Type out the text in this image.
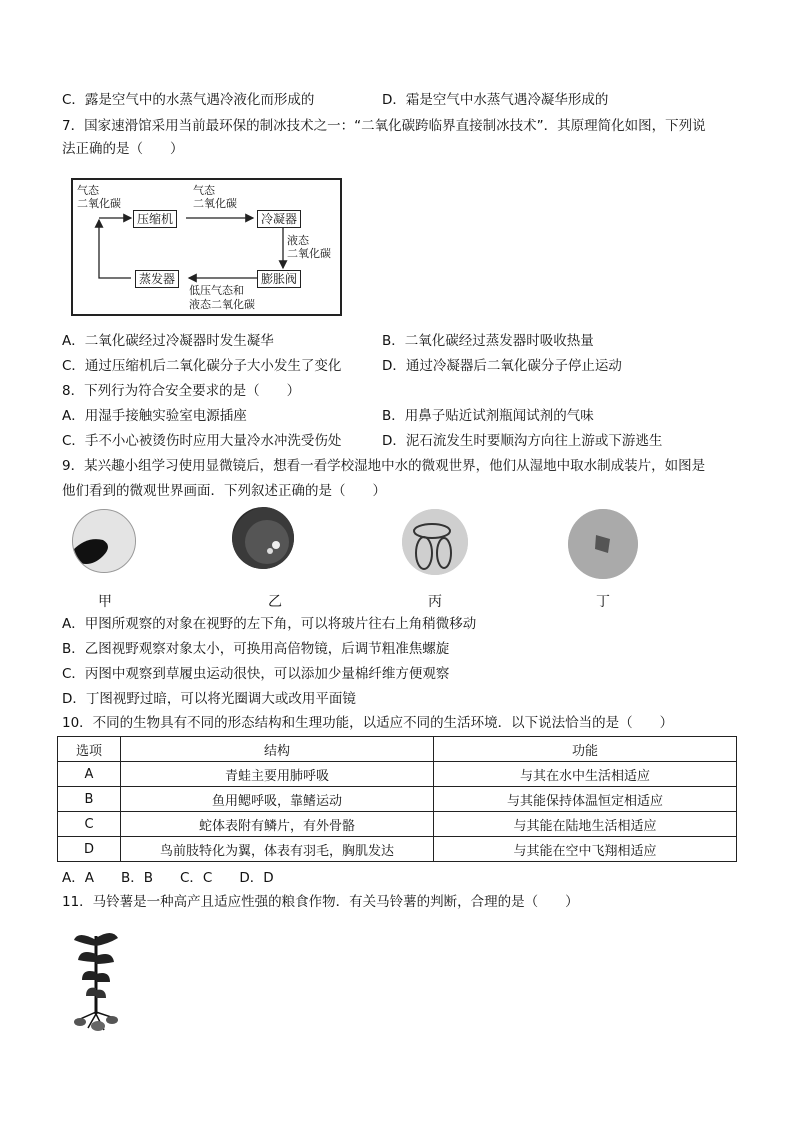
C．露是空气中的水蒸气遇冷液化而形成的	D．霜是空气中水蒸气遇冷凝华形成的
7．国家速滑馆采用当前最环保的制冰技术之一：“二氧化碳跨临界直接制冰技术”．其原理简化如图，下列说
法正确的是（　　）
气态
二氧化碳
气态
二氧化碳
压缩机	冷凝器
液态
二氧化碳
膨胀阀
蒸发器
低压气态和
液态二氧化碳
A．二氧化碳经过冷凝器时发生凝华	B．二氧化碳经过蒸发器时吸收热量
C．通过压缩机后二氧化碳分子大小发生了变化	D．通过冷凝器后二氧化碳分子停止运动
8．下列行为符合安全要求的是（　　）
A．用湿手接触实验室电源插座	B．用鼻子贴近试剂瓶闻试剂的气味
C．手不小心被烫伤时应用大量冷水冲洗受伤处	D．泥石流发生时要顺沟方向往上游或下游逃生
9．某兴趣小组学习使用显微镜后，想看一看学校湿地中水的微观世界，他们从湿地中取水制成装片，如图是
他们看到的微观世界画面．下列叙述正确的是（　　）
甲	乙	丙	丁
A．甲图所观察的对象在视野的左下角，可以将玻片往右上角稍微移动
B．乙图视野观察对象太小，可换用高倍物镜，后调节粗准焦螺旋
C．丙图中观察到草履虫运动很快，可以添加少量棉纤维方便观察
D．丁图视野过暗，可以将光圈调大或改用平面镜
10．不同的生物具有不同的形态结构和生理功能，以适应不同的生活环境．以下说法恰当的是（　　）
选项	结构	功能
A	青蛙主要用肺呼吸	与其在水中生活相适应
B	鱼用鳃呼吸，靠鳍运动	与其能保持体温恒定相适应
C	蛇体表附有鳞片，有外骨骼	与其能在陆地生活相适应
D	鸟前肢特化为翼，体表有羽毛，胸肌发达	与其能在空中飞翔相适应
A．A　　B．B　　C．C　　D．D
11．马铃薯是一种高产且适应性强的粮食作物．有关马铃薯的判断，合理的是（　　）
